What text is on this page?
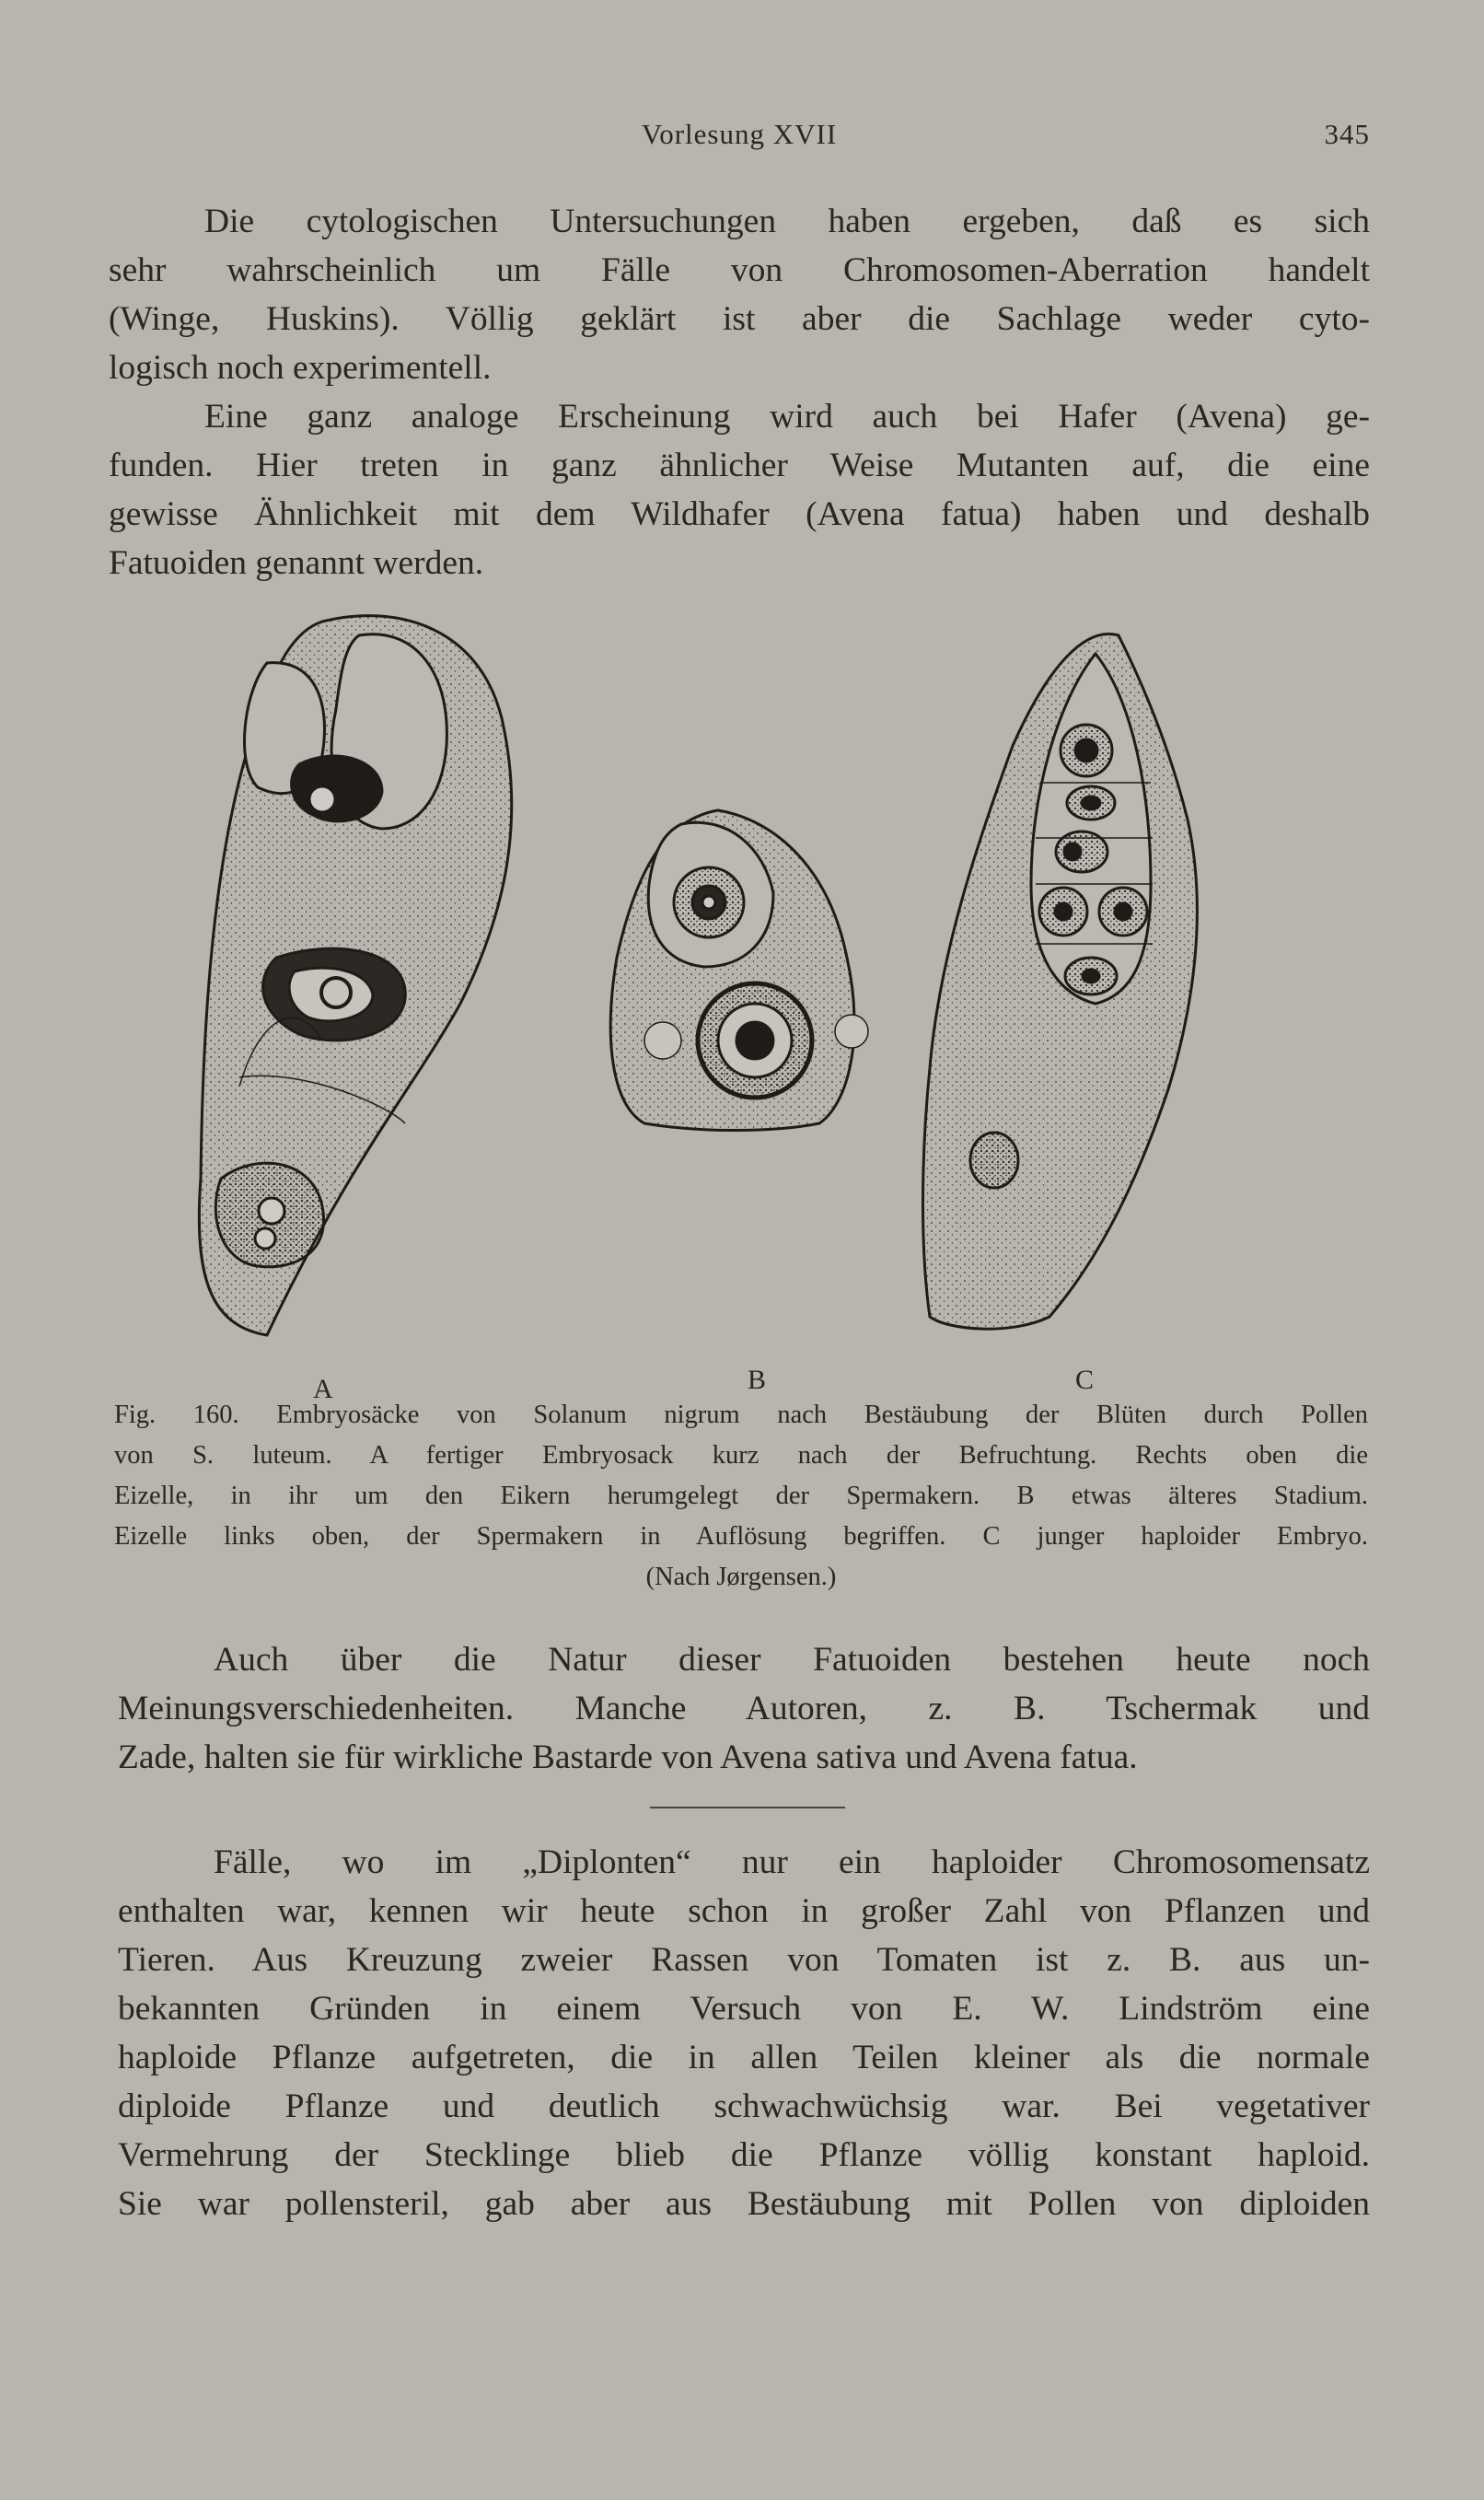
Vorlesung XVII	345
Die cytologischen Untersuchungen haben ergeben, daß es sich
sehr wahrscheinlich um Fälle von Chromosomen-Aberration handelt
(Winge, Huskins). Völlig geklärt ist aber die Sachlage weder cyto-
logisch noch experimentell.
Eine ganz analoge Erscheinung wird auch bei Hafer (Avena) ge-
funden. Hier treten in ganz ähnlicher Weise Mutanten auf, die eine
gewisse Ähnlichkeit mit dem Wildhafer (Avena fatua) haben und deshalb
Fatuoiden genannt werden.
A	B	C
Fig. 160. Embryosäcke von Solanum nigrum nach Bestäubung der Blüten durch Pollen
von S. luteum. A fertiger Embryosack kurz nach der Befruchtung. Rechts oben die
Eizelle, in ihr um den Eikern herumgelegt der Spermakern. B etwas älteres Stadium.
Eizelle links oben, der Spermakern in Auflösung begriffen. C junger haploider Embryo.
(Nach Jørgensen.)
Auch über die Natur dieser Fatuoiden bestehen heute noch
Meinungsverschiedenheiten. Manche Autoren, z. B. Tschermak und
Zade, halten sie für wirkliche Bastarde von Avena sativa und Avena fatua.
Fälle, wo im „Diplonten“ nur ein haploider Chromosomensatz
enthalten war, kennen wir heute schon in großer Zahl von Pflanzen und
Tieren. Aus Kreuzung zweier Rassen von Tomaten ist z. B. aus un-
bekannten Gründen in einem Versuch von E. W. Lindström eine
haploide Pflanze aufgetreten, die in allen Teilen kleiner als die normale
diploide Pflanze und deutlich schwachwüchsig war. Bei vegetativer
Vermehrung der Stecklinge blieb die Pflanze völlig konstant haploid.
Sie war pollensteril, gab aber aus Bestäubung mit Pollen von diploiden
